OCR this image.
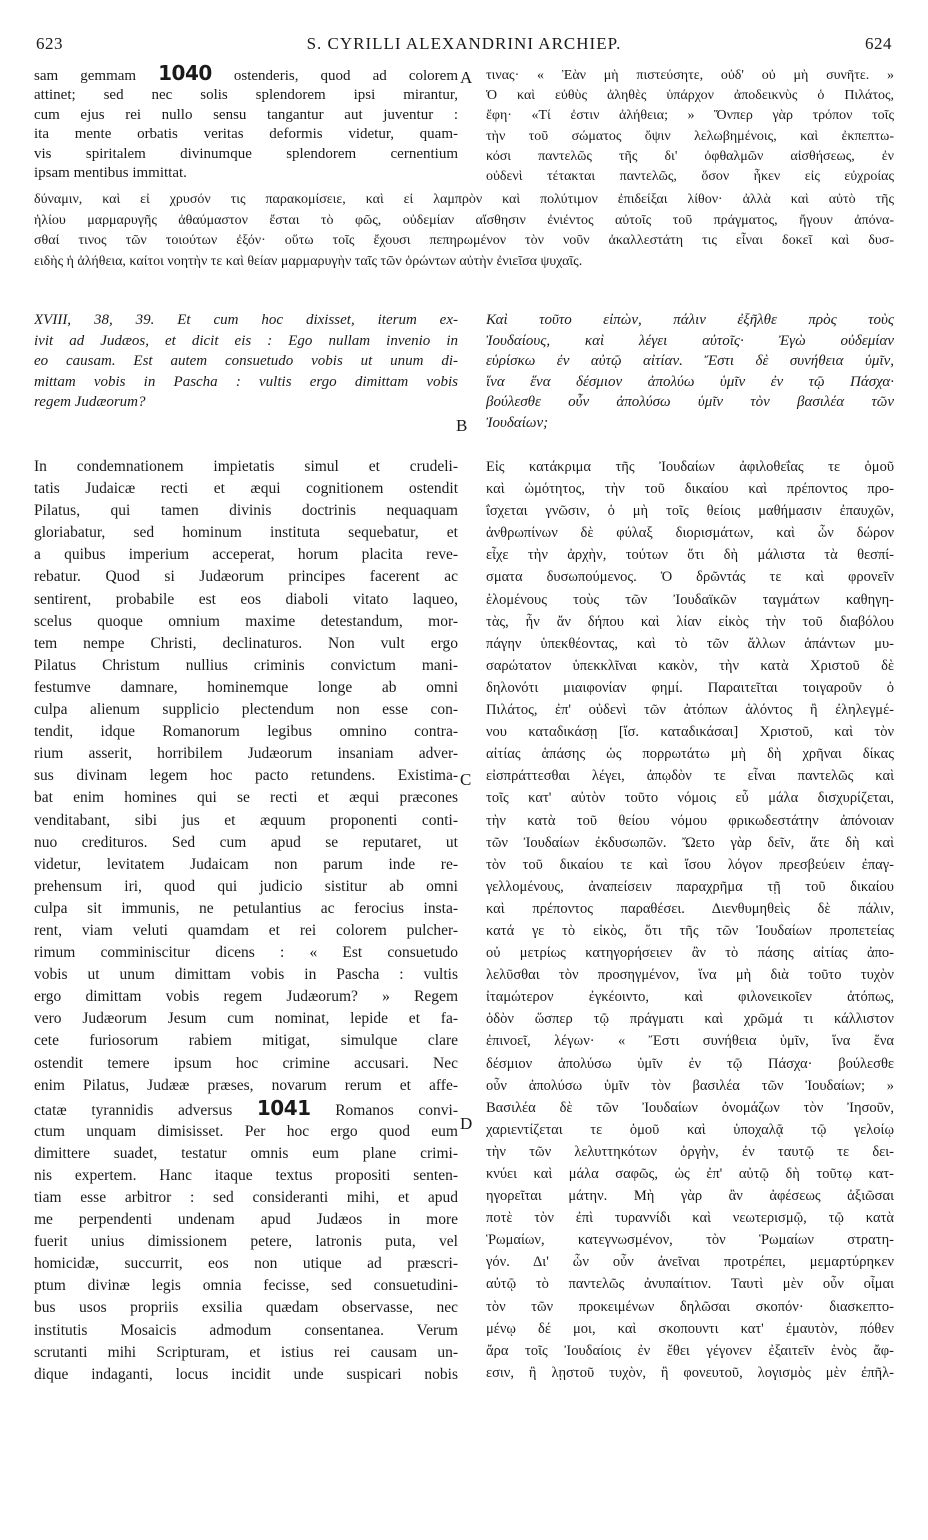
623	S. CYRILLI ALEXANDRINI ARCHIEP.	624
sam gemmam 1040 ostenderis, quod ad colorem
attinet; sed nec solis splendorem ipsi mirantur,
cum ejus rei nullo sensu tangantur aut juventur :
ita mente orbatis veritas deformis videtur, quam-
vis spiritalem divinumque splendorem cernentium
ipsam mentibus immittat.
A τινας· « Ἐὰν μὴ πιστεύσητε, οὐδ' οὐ μὴ συνῆτε. »
Ὁ καὶ εὐθὺς ἀληθὲς ὑπάρχον ἀποδεικνὺς ὁ Πιλάτος,
ἔφη· «Τί ἐστιν ἀλήθεια; » Ὅνπερ γὰρ τρόπον τοῖς
τὴν τοῦ σώματος ὄψιν λελωβημένοις, καὶ ἐκπεπτω-
κόσι παντελῶς τῆς δι' ὀφθαλμῶν αἰσθήσεως, ἐν
οὐδενὶ τέτακται παντελῶς, ὅσον ἦκεν εἰς εὐχροίας
δύναμιν, καὶ εἰ χρυσόν τις παρακομίσειε, καὶ εἰ λαμπρὸν καὶ πολύτιμον ἐπιδείξαι λίθον· ἀλλὰ καὶ αὐτὸ τῆς
ἡλίου μαρμαρυγῆς ἀθαύμαστον ἔσται τὸ φῶς, οὐδεμίαν αἴσθησιν ἐνιέντος αὐτοῖς τοῦ πράγματος, ἤγουν ἀπόνα-
σθαί τινος τῶν τοιούτων ἐξόν· οὕτω τοῖς ἔχουσι πεπηρωμένον τὸν νοῦν ἀκαλλεστάτη τις εἶναι δοκεῖ καὶ δυσ-
ειδὴς ἡ ἀλήθεια, καίτοι νοητὴν τε καὶ θείαν μαρμαρυγὴν ταῖς τῶν ὁρώντων αὐτὴν ἐνιεῖσα ψυχαῖς.
XVIII, 38, 39. Et cum hoc dixisset, iterum ex-
ivit ad Judæos, et dicit eis : Ego nullam invenio in
eo causam. Est autem consuetudo vobis ut unum di-
mittam vobis in Pascha : vultis ergo dimittam vobis
regem Judæorum?
Καὶ τοῦτο εἰπὼν, πάλιν ἐξῆλθε πρὸς τοὺς
Ἰουδαίους, καὶ λέγει αὐτοῖς· Ἐγὼ οὐδεμίαν
εὑρίσκω ἐν αὐτῷ αἰτίαν. Ἔστι δὲ συνήθεια ὑμῖν,
ἵνα ἕνα δέσμιον ἀπολύω ὑμῖν ἐν τῷ Πάσχα·
βούλεσθε οὖν ἀπολύσω ὑμῖν τὸν βασιλέα τῶν
Ἰουδαίων;
B
In condemnationem impietatis simul et crudeli-
tatis Judaicæ recti et æqui cognitionem ostendit
Pilatus, qui tamen divinis doctrinis nequaquam
gloriabatur, sed hominum instituta sequebatur, et
a quibus imperium acceperat, horum placita reve-
rebatur. Quod si Judæorum principes facerent ac
sentirent, probabile est eos diaboli vitato laqueo,
scelus quoque omnium maxime detestandum, mor-
tem nempe Christi, declinaturos. Non vult ergo
Pilatus Christum nullius criminis convictum mani-
festumve damnare, hominemque longe ab omni
culpa alienum supplicio plectendum non esse con-
tendit, idque Romanorum legibus omnino contra-
rium asserit, horribilem Judæorum insaniam adver-
sus divinam legem hoc pacto retundens. Existima-
bat enim homines qui se recti et æqui præcones
venditabant, sibi jus et æquum proponenti conti-
nuo credituros. Sed cum apud se reputaret, ut
videtur, levitatem Judaicam non parum inde re-
prehensum iri, quod qui judicio sistitur ab omni
culpa sit immunis, ne petulantius ac ferocius insta-
rent, viam veluti quamdam et rei colorem pulcher-
rimum comminiscitur dicens : « Est consuetudo
vobis ut unum dimittam vobis in Pascha : vultis
ergo dimittam vobis regem Judæorum? » Regem
vero Judæorum Jesum cum nominat, lepide et fa-
cete furiosorum rabiem mitigat, simulque clare
ostendit temere ipsum hoc crimine accusari. Nec
enim Pilatus, Judææ præses, novarum rerum et affe-
ctatæ tyrannidis adversus 1041 Romanos convi-
ctum unquam dimisisset. Per hoc ergo quod eum
dimittere suadet, testatur omnis eum plane crimi-
nis expertem. Hanc itaque textus propositi senten-
tiam esse arbitror : sed consideranti mihi, et apud
me perpendenti undenam apud Judæos in more
fuerit unius dimissionem petere, latronis puta, vel
homicidæ, succurrit, eos non utique ad præscri-
ptum divinæ legis omnia fecisse, sed consuetudini-
bus usos propriis exsilia quædam observasse, nec
institutis Mosaicis admodum consentanea. Verum
scrutanti mihi Scripturam, et istius rei causam un-
dique indaganti, locus incidit unde suspicari nobis
C
D
Εἰς κατάκριμα τῆς Ἰουδαίων ἀφιλοθεΐας τε ὁμοῦ
καὶ ὠμότητος, τὴν τοῦ δικαίου καὶ πρέποντος προ-
ΐσχεται γνῶσιν, ὁ μὴ τοῖς θείοις μαθήμασιν ἐπαυχῶν,
ἀνθρωπίνων δὲ φύλαξ διορισμάτων, καὶ ὧν δώρον
εἶχε τὴν ἀρχὴν, τούτων ὅτι δὴ μάλιστα τὰ θεσπί-
σματα δυσωπούμενος. Ὁ δρῶντάς τε καὶ φρονεῖν
ἑλομένους τοὺς τῶν Ἰουδαϊκῶν ταγμάτων καθηγη-
τὰς, ἦν ἄν δήπου καὶ λίαν εἰκὸς τὴν τοῦ διαβόλου
πάγην ὑπεκθέοντας, καὶ τὸ τῶν ἄλλων ἁπάντων μυ-
σαρώτατον ὑπεκκλῖναι κακὸν, τὴν κατὰ Χριστοῦ δὲ
δηλονότι μιαιφονίαν φημί. Παραιτεῖται τοιγαροῦν ὁ
Πιλάτος, ἐπ' οὐδενὶ τῶν ἀτόπων ἁλόντος ἢ ἐληλεγμέ-
νου καταδικάσῃ [ἴσ. καταδικάσαι] Χριστοῦ, καὶ τὸν
αἰτίας ἁπάσης ὡς πορρωτάτω μὴ δὴ χρῆναι δίκας
εἰσπράττεσθαι λέγει, ἀπῳδὸν τε εἶναι παντελῶς καὶ
τοῖς κατ' αὐτὸν τοῦτο νόμοις εὖ μάλα δισχυρίζεται,
τὴν κατὰ τοῦ θείου νόμου φρικωδεστάτην ἀπόνοιαν
τῶν Ἰουδαίων ἐκδυσωπῶν. Ὤετο γὰρ δεῖν, ἅτε δὴ καὶ
τὸν τοῦ δικαίου τε καὶ ἴσου λόγον πρεσβεύειν ἐπαγ-
γελλομένους, ἀναπείσειν παραχρῆμα τῇ τοῦ δικαίου
καὶ πρέποντος παραθέσει. Διενθυμηθεὶς δὲ πάλιν,
κατά γε τὸ εἰκὸς, ὅτι τῆς τῶν Ἰουδαίων προπετείας
οὐ μετρίως κατηγορήσειεν ἂν τὸ πάσης αἰτίας ἀπο-
λελῦσθαι τὸν προσηγμένον, ἵνα μὴ διὰ τοῦτο τυχὸν
ἰταμώτερον ἐγκέοιντο, καὶ φιλονεικοῖεν ἀτόπως,
ὁδὸν ὥσπερ τῷ πράγματι καὶ χρῶμά τι κάλλιστον
ἐπινοεῖ, λέγων· « Ἔστι συνήθεια ὑμῖν, ἵνα ἕνα
δέσμιον ἀπολύσω ὑμῖν ἐν τῷ Πάσχα· βούλεσθε
οὖν ἀπολύσω ὑμῖν τὸν βασιλέα τῶν Ἰουδαίων; »
Βασιλέα δὲ τῶν Ἰουδαίων ὀνομάζων τὸν Ἰησοῦν,
χαριεντίζεται τε ὁμοῦ καὶ ὑποχαλᾷ τῷ γελοίῳ
τὴν τῶν λελυττηκότων ὀργὴν, ἐν ταυτῷ τε δει-
κνύει καὶ μάλα σαφῶς, ὡς ἐπ' αὐτῷ δὴ τοῦτῳ κατ-
ηγορεῖται μάτην. Μὴ γὰρ ἂν ἀφέσεως ἀξιῶσαι
ποτὲ τὸν ἐπὶ τυραννίδι καὶ νεωτερισμῷ, τῷ κατὰ
Ῥωμαίων, κατεγνωσμένον, τὸν Ῥωμαίων στρατη-
γόν. Δι' ὧν οὖν ἀνεῖναι προτρέπει, μεμαρτύρηκεν
αὐτῷ τὸ παντελῶς ἀνυπαίτιον. Ταυτὶ μὲν οὖν οἶμαι
τὸν τῶν προκειμένων δηλῶσαι σκοπόν· διασκεπτο-
μένῳ δέ μοι, καὶ σκοπουντι κατ' ἐμαυτὸν, πόθεν
ἄρα τοῖς Ἰουδαίοις ἐν ἔθει γέγονεν ἐξαιτεῖν ἑνὸς ἄφ-
εσιν, ἢ λῃστοῦ τυχὸν, ἢ φονευτοῦ, λογισμὸς μὲν ἐπῆλ-
